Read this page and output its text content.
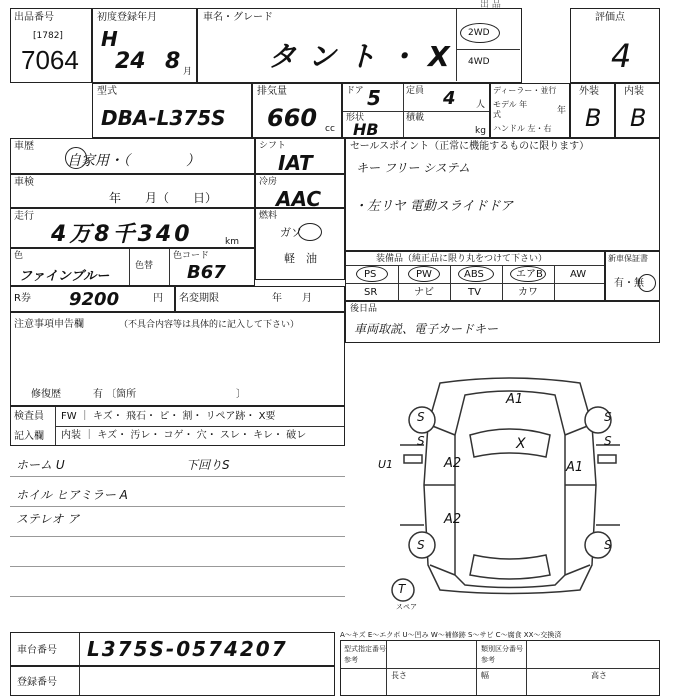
出 品
出品番号
[1782]
7064
初度登録年月
H
24 8 月
車名・グレード
タント・X
2WD
4WD
評価点
4
型式
DBA-L375S
排気量
660 cc
ドア 5	定員 4 人
形状
HB
積載
kg
ディーラー・並行
モデル 年式	年
ハンドル 左・右
外装
B
内装
B
車歴
自家用・（　　　　）
シフト
IAT
車検
年　　月（　　日）
冷房
AAC
走行
4万8千340	km
燃料
ガソ
軽　油
色
ファインブルー
色替
色コード
B67
R券 9200	円 名変期限	年　　月
セールスポイント（正常に機能するものに限ります）
キー フリー システム
・左リヤ 電動スライドドア
装備品（純正品に限り丸をつけて下さい）
PS	PW	ABS	エアB	AW
SR	ナビ	TV	カワ
新車保証書
有・無
後日品
車両取説、電子カードキー
注意事項申告欄	（不具合内容等は具体的に記入して下さい）
修復歴	有 〔箇所　　　　　　　　　　〕
検査員
記入欄
FW ｜ キズ・ 飛石・ ピ・ 割・ リペア跡・ X要
内装 ｜ キズ・ 汚レ・ コゲ・ 穴・ スレ・ キレ・ 破レ
ホーム U
ホイル ヒアミラー A
ステレオ ア
下回りS
A1
X
U1	A2	A1
A2
S	S
S	S
S	S
T
スペア
A～キズ E～エクボ U～凹み W～補修跡 S～サビ C～腐食 XX～交換済
車台番号 L375S-0574207
登録番号
型式指定番号
参考
類別区分番号
参考
長さ	幅	高さ
